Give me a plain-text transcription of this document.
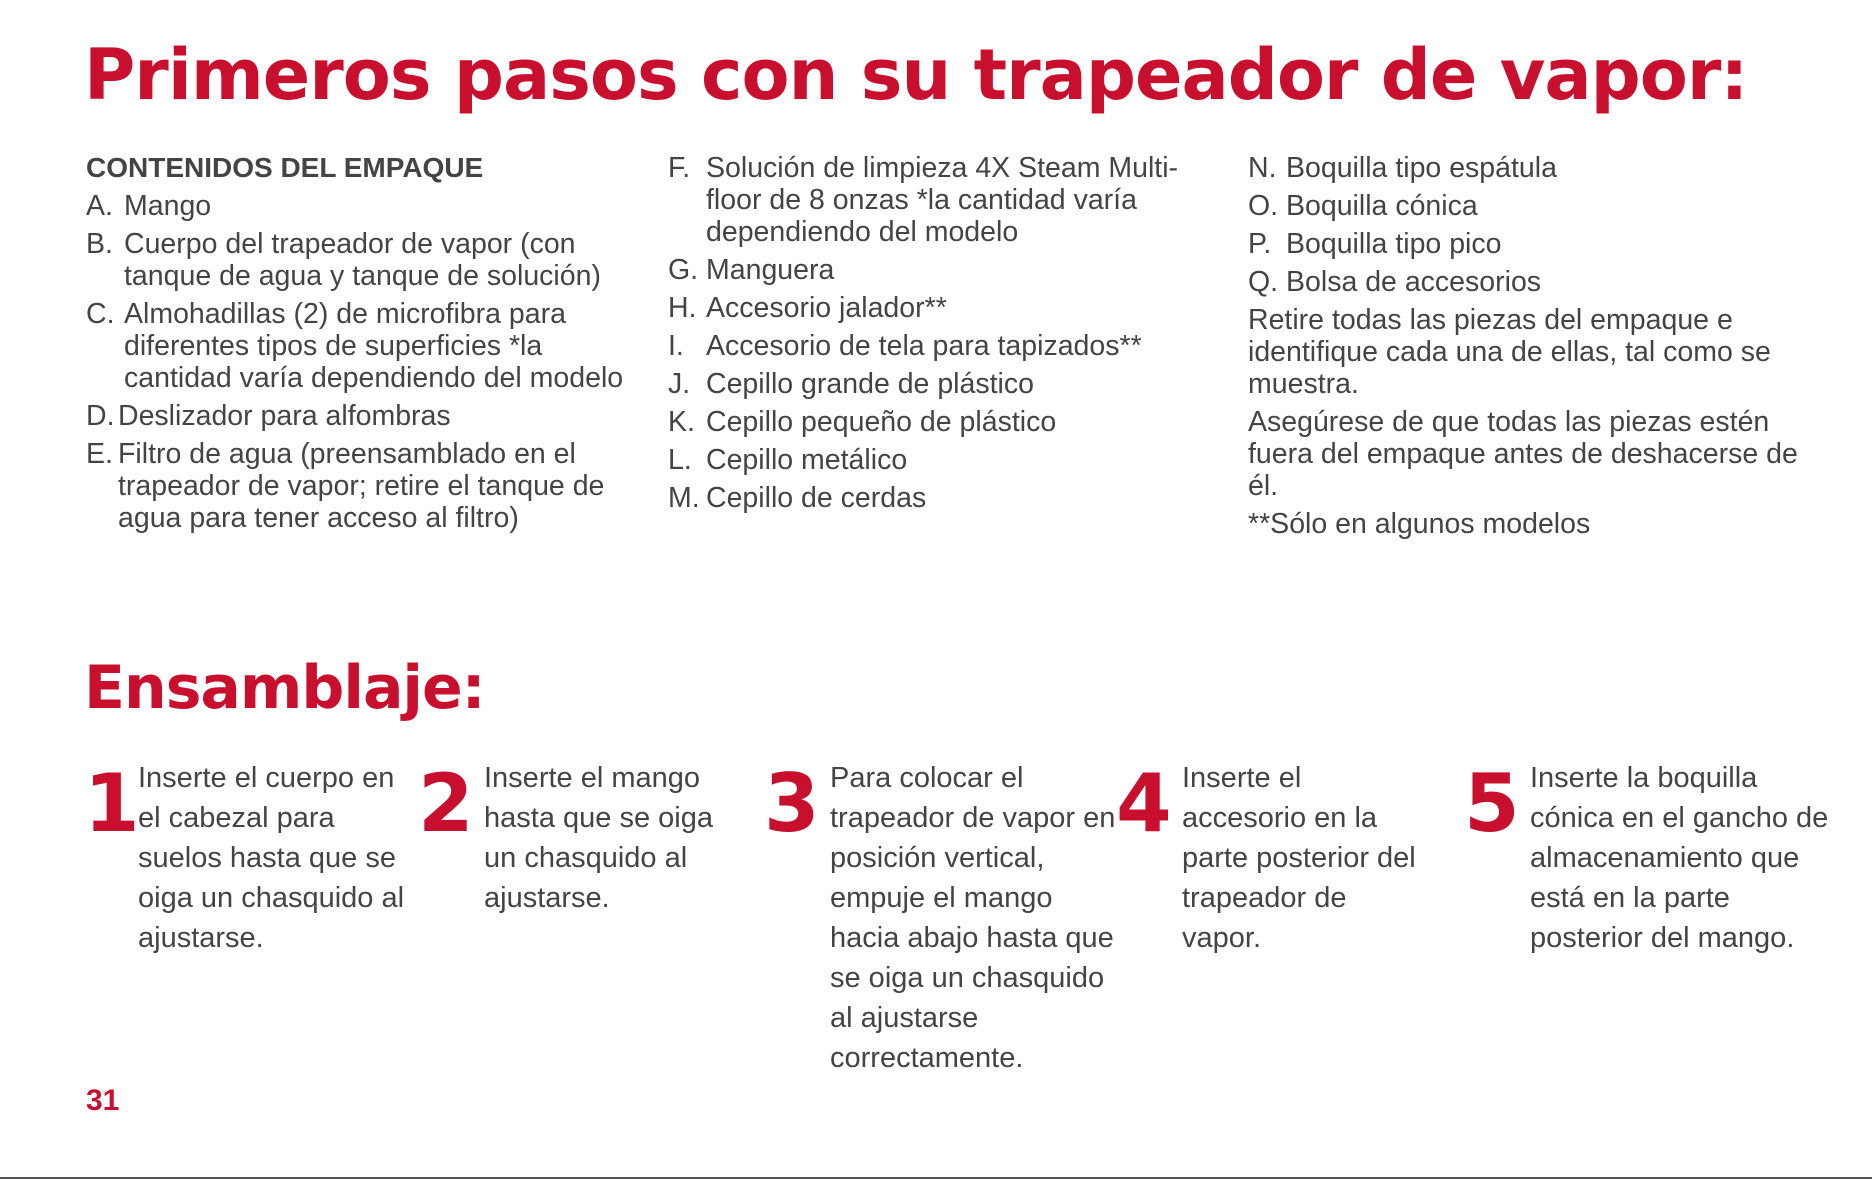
Primeros pasos con su trapeador de vapor:
CONTENIDOS DEL EMPAQUE
A. Mango
B. Cuerpo del trapeador de vapor (con tanque de agua y tanque de solución)
C. Almohadillas (2) de microfibra para diferentes tipos de superficies *la cantidad varía dependiendo del modelo
D. Deslizador para alfombras
E. Filtro de agua (preensamblado en el trapeador de vapor; retire el tanque de agua para tener acceso al filtro)
F. Solución de limpieza 4X Steam Multi-floor de 8 onzas *la cantidad varía dependiendo del modelo
G. Manguera
H. Accesorio jalador**
I. Accesorio de tela para tapizados**
J. Cepillo grande de plástico
K. Cepillo pequeño de plástico
L. Cepillo metálico
M. Cepillo de cerdas
N. Boquilla tipo espátula
O. Boquilla cónica
P. Boquilla tipo pico
Q. Bolsa de accesorios
Retire todas las piezas del empaque e identifique cada una de ellas, tal como se muestra.
Asegúrese de que todas las piezas estén fuera del empaque antes de deshacerse de él.
**Sólo en algunos modelos
Ensamblaje:
1
Inserte el cuerpo en el cabezal para suelos hasta que se oiga un chasquido al ajustarse.
2 Inserte el mango hasta que se oiga un chasquido al ajustarse.
3 Para colocar el trapeador de vapor en posición vertical, empuje el mango hacia abajo hasta que se oiga un chasquido al ajustarse correctamente.
4 Inserte el accesorio en la parte posterior del trapeador de vapor.
5 Inserte la boquilla cónica en el gancho de almacenamiento que está en la parte posterior del mango.
31
